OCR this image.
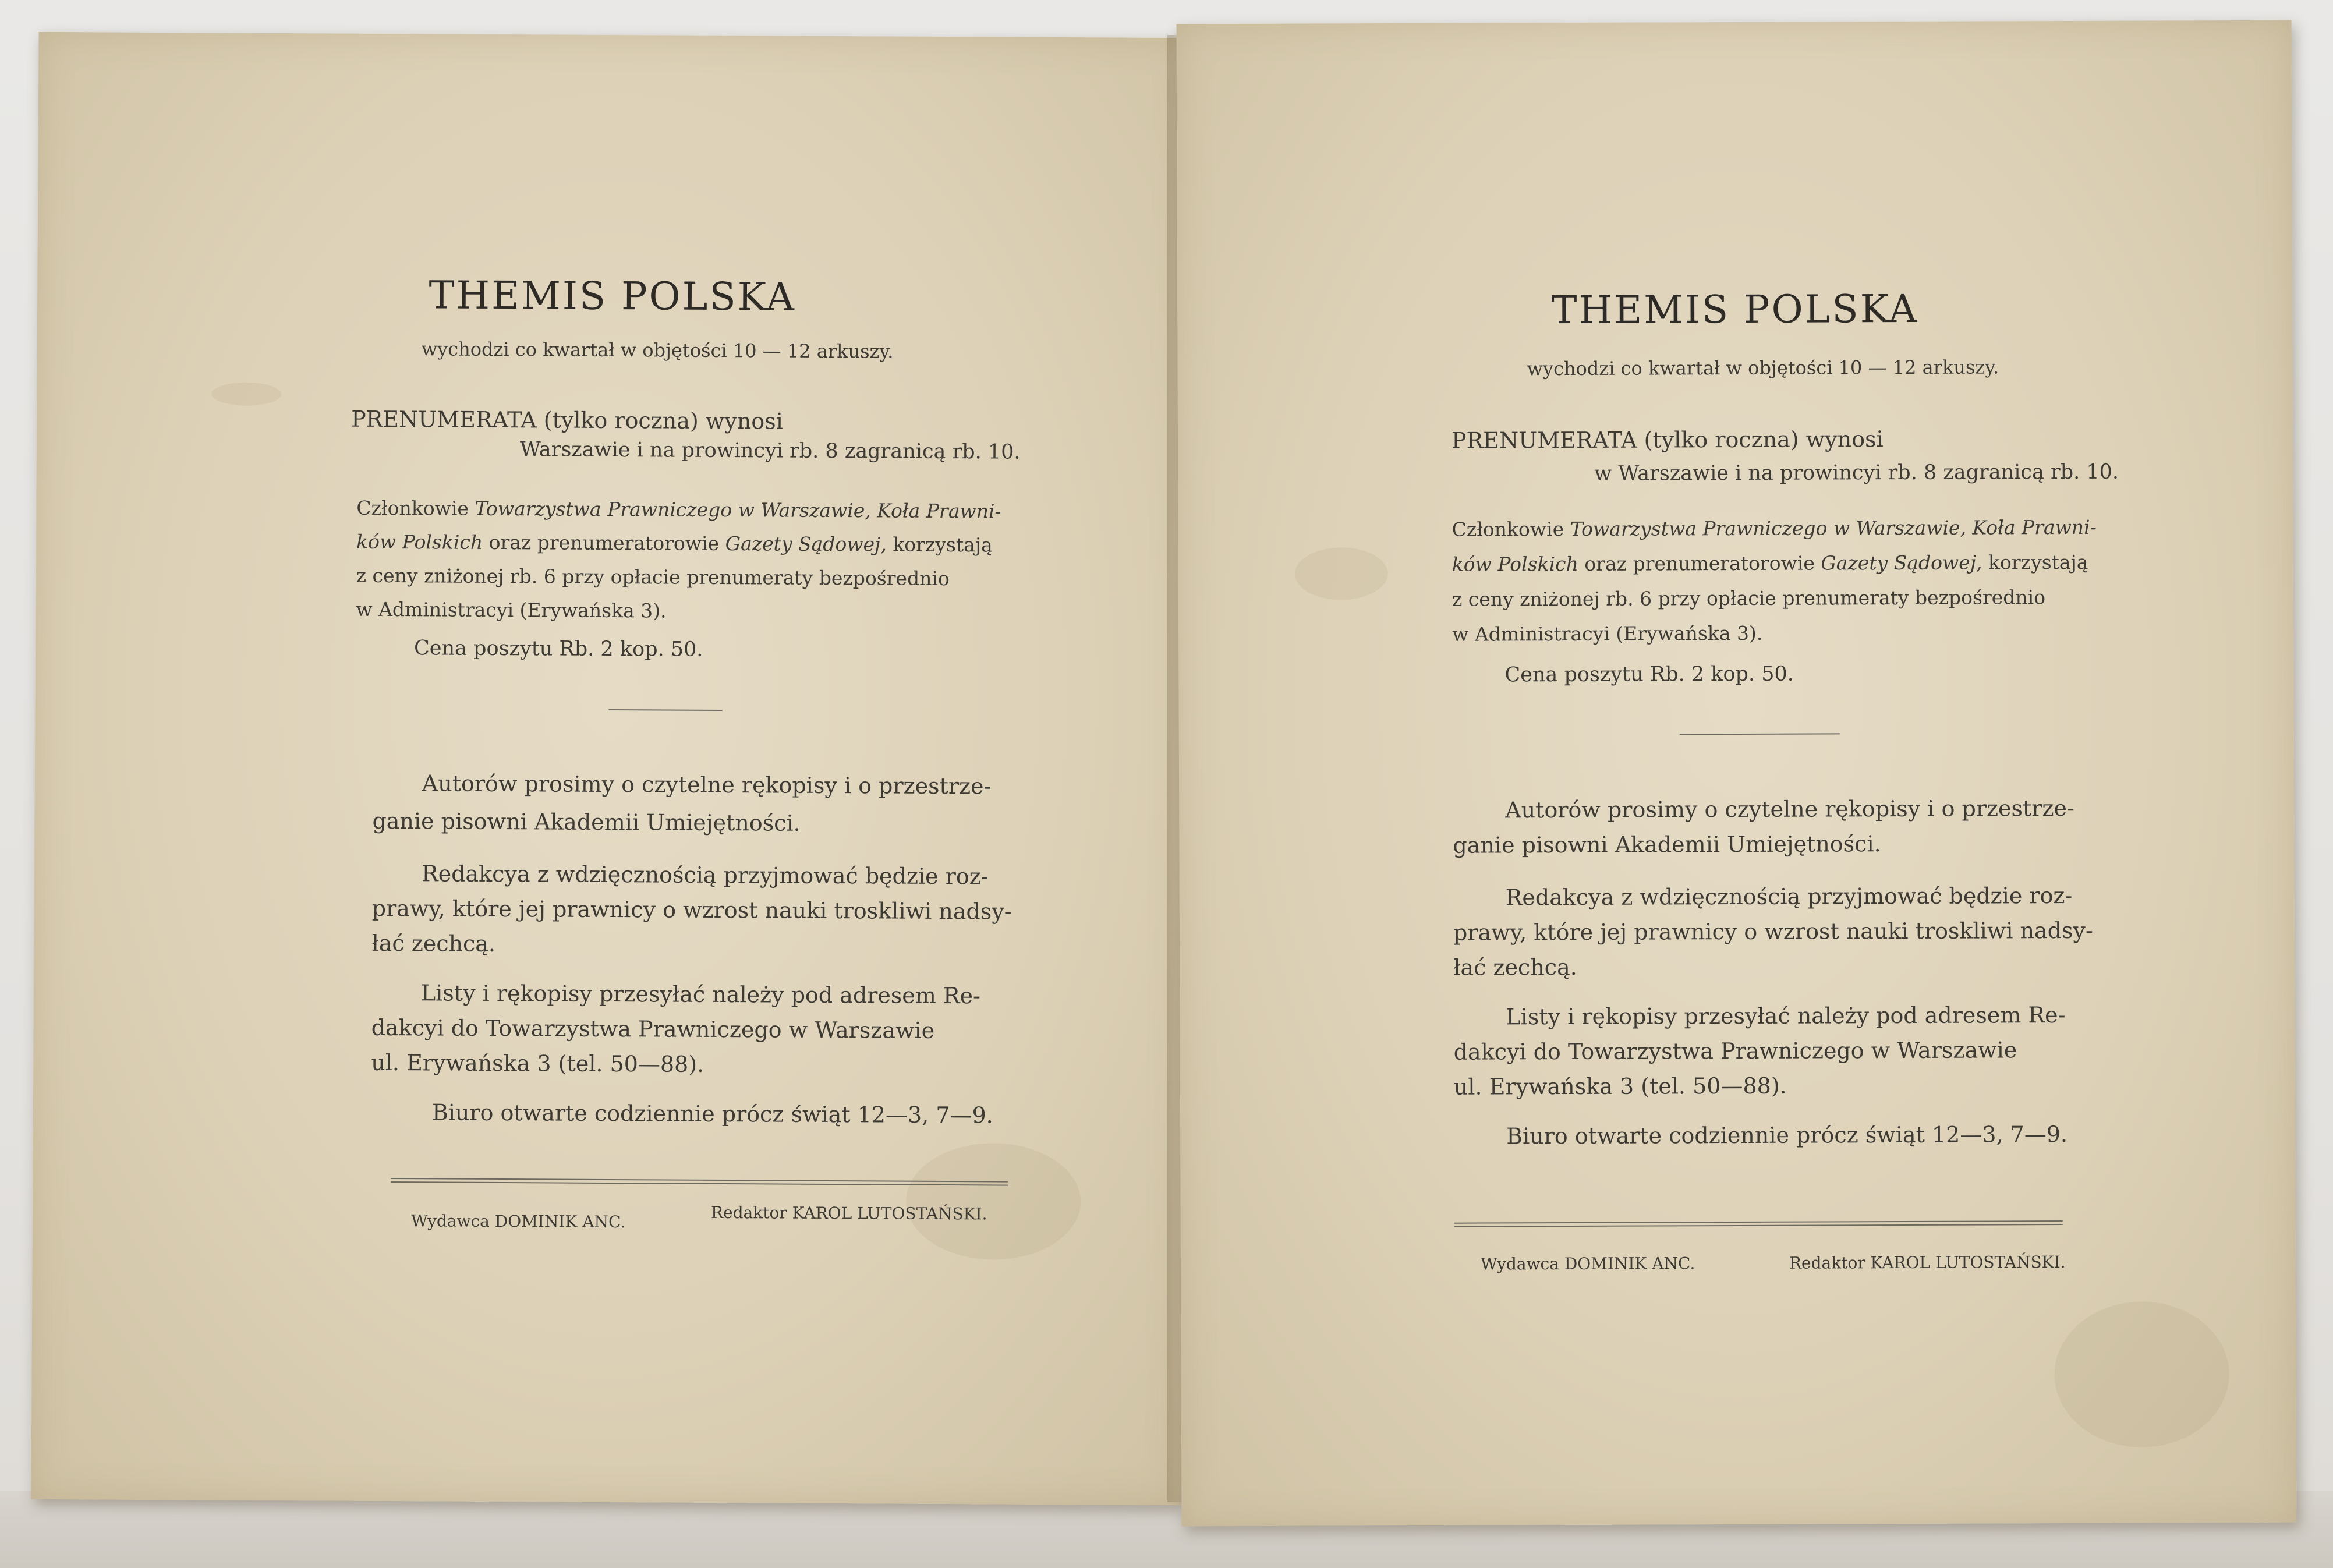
THEMIS POLSKA
wychodzi co kwartał w objętości 10 — 12 arkuszy.
PRENUMERATA (tylko roczna) wynosi
Warszawie i na prowincyi rb. 8 zagranicą rb. 10.
Członkowie Towarzystwa Prawniczego w Warszawie, Koła Prawni-
ków Polskich oraz prenumeratorowie Gazety Sądowej, korzystają
z ceny zniżonej rb. 6 przy opłacie prenumeraty bezpośrednio
w Administracyi (Erywańska 3).
Cena poszytu Rb. 2 kop. 50.
Autorów prosimy o czytelne rękopisy i o przestrze-
ganie pisowni Akademii Umiejętności.
Redakcya z wdzięcznością przyjmować będzie roz-
prawy, które jej prawnicy o wzrost nauki troskliwi nadsy-
łać zechcą.
Listy i rękopisy przesyłać należy pod adresem Re-
dakcyi do Towarzystwa Prawniczego w Warszawie
ul. Erywańska 3 (tel. 50—88).
Biuro otwarte codziennie prócz świąt 12—3, 7—9.
Wydawca DOMINIK ANC.	Redaktor KAROL LUTOSTAŃSKI.
THEMIS POLSKA
wychodzi co kwartał w objętości 10 — 12 arkuszy.
PRENUMERATA (tylko roczna) wynosi
w Warszawie i na prowincyi rb. 8 zagranicą rb. 10.
Członkowie Towarzystwa Prawniczego w Warszawie, Koła Prawni-
ków Polskich oraz prenumeratorowie Gazety Sądowej, korzystają
z ceny zniżonej rb. 6 przy opłacie prenumeraty bezpośrednio
w Administracyi (Erywańska 3).
Cena poszytu Rb. 2 kop. 50.
Autorów prosimy o czytelne rękopisy i o przestrze-
ganie pisowni Akademii Umiejętności.
Redakcya z wdzięcznością przyjmować będzie roz-
prawy, które jej prawnicy o wzrost nauki troskliwi nadsy-
łać zechcą.
Listy i rękopisy przesyłać należy pod adresem Re-
dakcyi do Towarzystwa Prawniczego w Warszawie
ul. Erywańska 3 (tel. 50—88).
Biuro otwarte codziennie prócz świąt 12—3, 7—9.
Wydawca DOMINIK ANC.	Redaktor KAROL LUTOSTAŃSKI.
